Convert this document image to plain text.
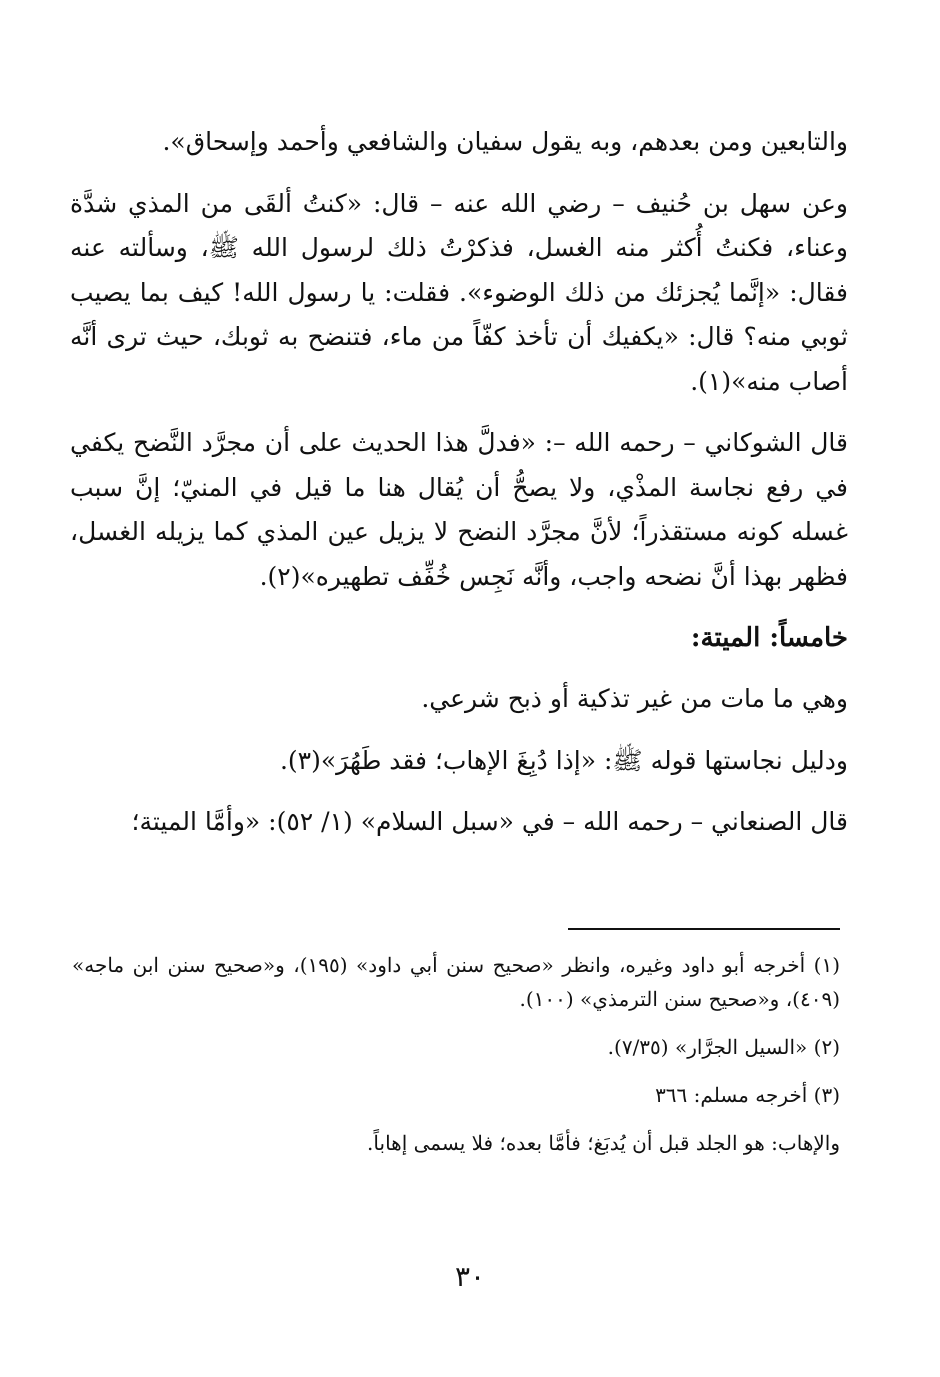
والتابعين ومن بعدهم، وبه يقول سفيان والشافعي وأحمد وإسحاق».

وعن سهل بن حُنيف – رضي الله عنه – قال: «كنتُ ألقَى من المذي شدَّة وعناء، فكنتُ أُكثر منه الغسل، فذكرْتُ ذلك لرسول الله ﷺ، وسألته عنه فقال: «إنَّما يُجزئك من ذلك الوضوء». فقلت: يا رسول الله! كيف بما يصيب ثوبي منه؟ قال: «يكفيك أن تأخذ كفّاً من ماء، فتنضح به ثوبك، حيث ترى أنَّه أصاب منه»(١).

قال الشوكاني – رحمه الله –: «فدلَّ هذا الحديث على أن مجرَّد النَّضح يكفي في رفع نجاسة المذْي، ولا يصحُّ أن يُقال هنا ما قيل في المنيّ؛ إنَّ سبب غسله كونه مستقذراً؛ لأنَّ مجرَّد النضح لا يزيل عين المذي كما يزيله الغسل، فظهر بهذا أنَّ نضحه واجب، وأنَّه نَجِس خُفِّف تطهيره»(٢).

خامساً: الميتة:

وهي ما مات من غير تذكية أو ذبح شرعي.

ودليل نجاستها قوله ﷺ: «إذا دُبِغَ الإهاب؛ فقد طَهُرَ»(٣).

قال الصنعاني – رحمه الله – في «سبل السلام» (١/ ٥٢): «وأمَّا الميتة؛

(١) أخرجه أبو داود وغيره، وانظر «صحيح سنن أبي داود» (١٩٥)، و«صحيح سنن ابن ماجه» (٤٠٩)، و«صحيح سنن الترمذي» (١٠٠).
(٢) «السيل الجرَّار» (٧/٣٥).
(٣) أخرجه مسلم: ٣٦٦
والإهاب: هو الجلد قبل أن يُدبَغ؛ فأمَّا بعده؛ فلا يسمى إهاباً.
٣٠
